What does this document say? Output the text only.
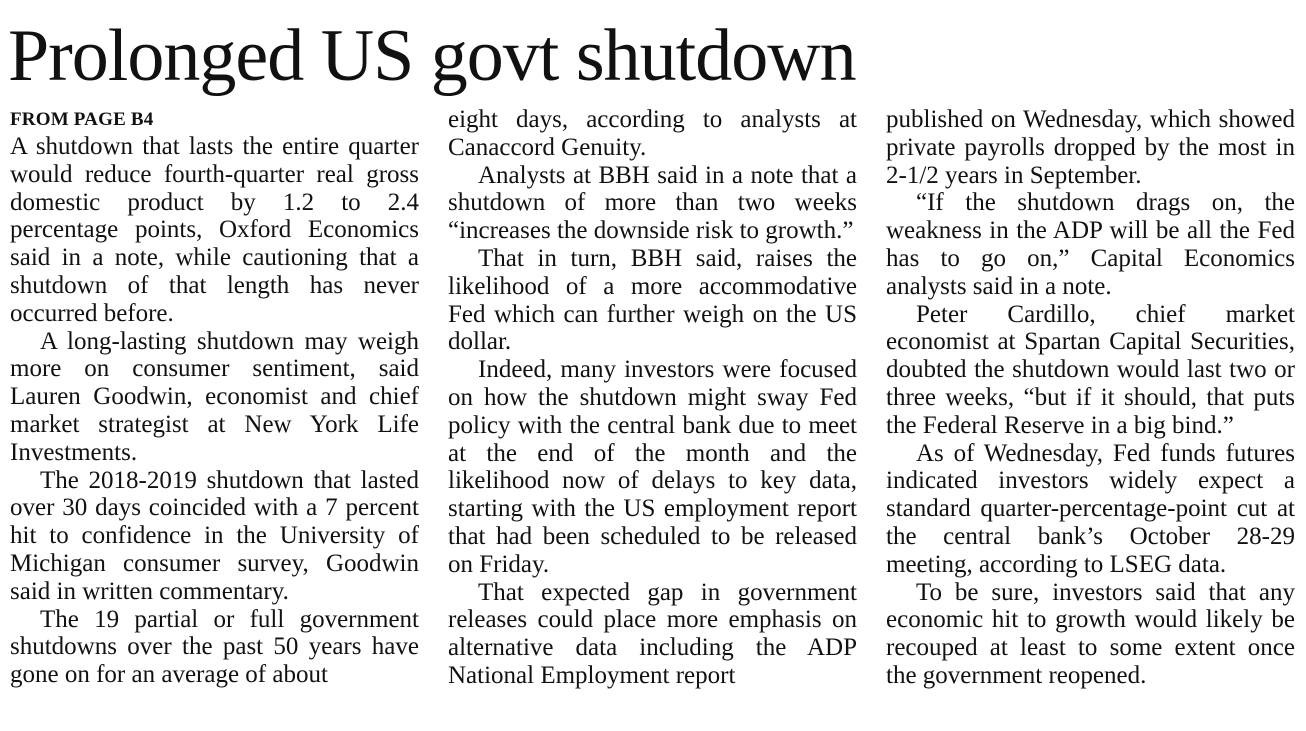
Prolonged US govt shutdown
FROM PAGE B4

A shutdown that lasts the entire quarter would reduce fourth-quarter real gross domestic product by 1.2 to 2.4 percentage points, Oxford Economics said in a note, while cautioning that a shutdown of that length has never occurred before.

A long-lasting shutdown may weigh more on consumer sentiment, said Lauren Goodwin, economist and chief market strategist at New York Life Investments.

The 2018-2019 shutdown that lasted over 30 days coincided with a 7 percent hit to confidence in the University of Michigan consumer survey, Goodwin said in written commentary.

The 19 partial or full government shutdowns over the past 50 years have gone on for an average of about

eight days, according to analysts at Canaccord Genuity.

Analysts at BBH said in a note that a shutdown of more than two weeks “increases the downside risk to growth.”

That in turn, BBH said, raises the likelihood of a more accommodative Fed which can further weigh on the US dollar.

Indeed, many investors were focused on how the shutdown might sway Fed policy with the central bank due to meet at the end of the month and the likelihood now of delays to key data, starting with the US employment report that had been scheduled to be released on Friday.

That expected gap in government releases could place more emphasis on alternative data including the ADP National Employment report

published on Wednesday, which showed private payrolls dropped by the most in 2-1/2 years in September.

“If the shutdown drags on, the weakness in the ADP will be all the Fed has to go on,” Capital Economics analysts said in a note.

Peter Cardillo, chief market economist at Spartan Capital Securities, doubted the shutdown would last two or three weeks, “but if it should, that puts the Federal Reserve in a big bind.”

As of Wednesday, Fed funds futures indicated investors widely expect a standard quarter-percentage-point cut at the central bank’s October 28-29 meeting, according to LSEG data.

To be sure, investors said that any economic hit to growth would likely be recouped at least to some extent once the government reopened.
